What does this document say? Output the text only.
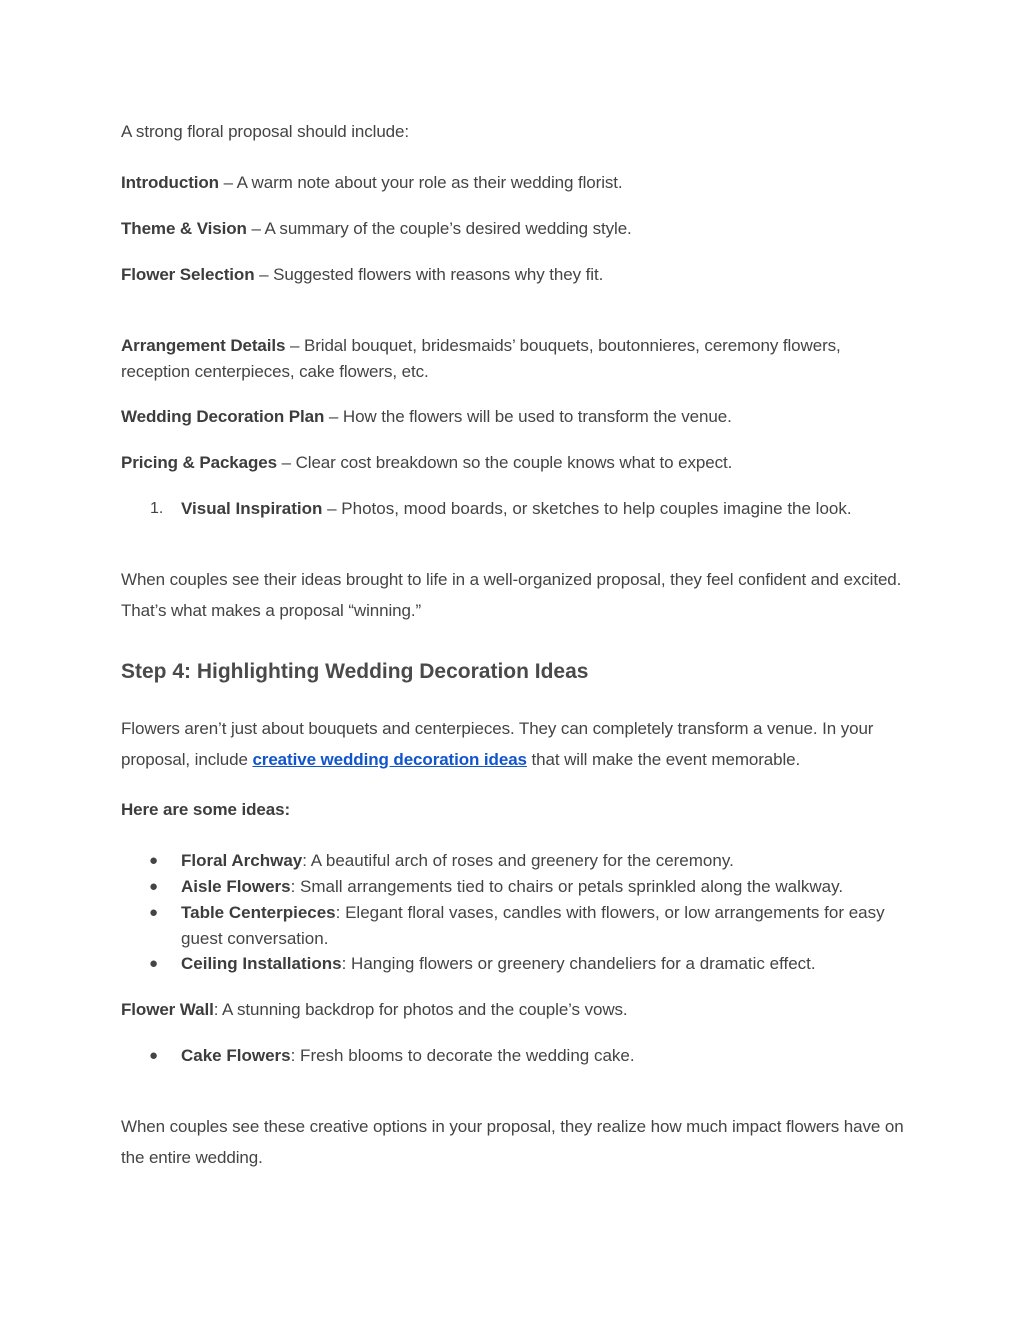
A strong floral proposal should include:

Introduction – A warm note about your role as their wedding florist.

Theme & Vision – A summary of the couple’s desired wedding style.

Flower Selection – Suggested flowers with reasons why they fit.

Arrangement Details – Bridal bouquet, bridesmaids’ bouquets, boutonnieres, ceremony flowers, reception centerpieces, cake flowers, etc.

Wedding Decoration Plan – How the flowers will be used to transform the venue.

Pricing & Packages – Clear cost breakdown so the couple knows what to expect.

1. Visual Inspiration – Photos, mood boards, or sketches to help couples imagine the look.

When couples see their ideas brought to life in a well-organized proposal, they feel confident and excited. That’s what makes a proposal “winning.”

Step 4: Highlighting Wedding Decoration Ideas

Flowers aren’t just about bouquets and centerpieces. They can completely transform a venue. In your proposal, include creative wedding decoration ideas that will make the event memorable.

Here are some ideas:

● Floral Archway: A beautiful arch of roses and greenery for the ceremony.
● Aisle Flowers: Small arrangements tied to chairs or petals sprinkled along the walkway.
● Table Centerpieces: Elegant floral vases, candles with flowers, or low arrangements for easy guest conversation.
● Ceiling Installations: Hanging flowers or greenery chandeliers for a dramatic effect.

Flower Wall: A stunning backdrop for photos and the couple’s vows.

● Cake Flowers: Fresh blooms to decorate the wedding cake.

When couples see these creative options in your proposal, they realize how much impact flowers have on the entire wedding.
